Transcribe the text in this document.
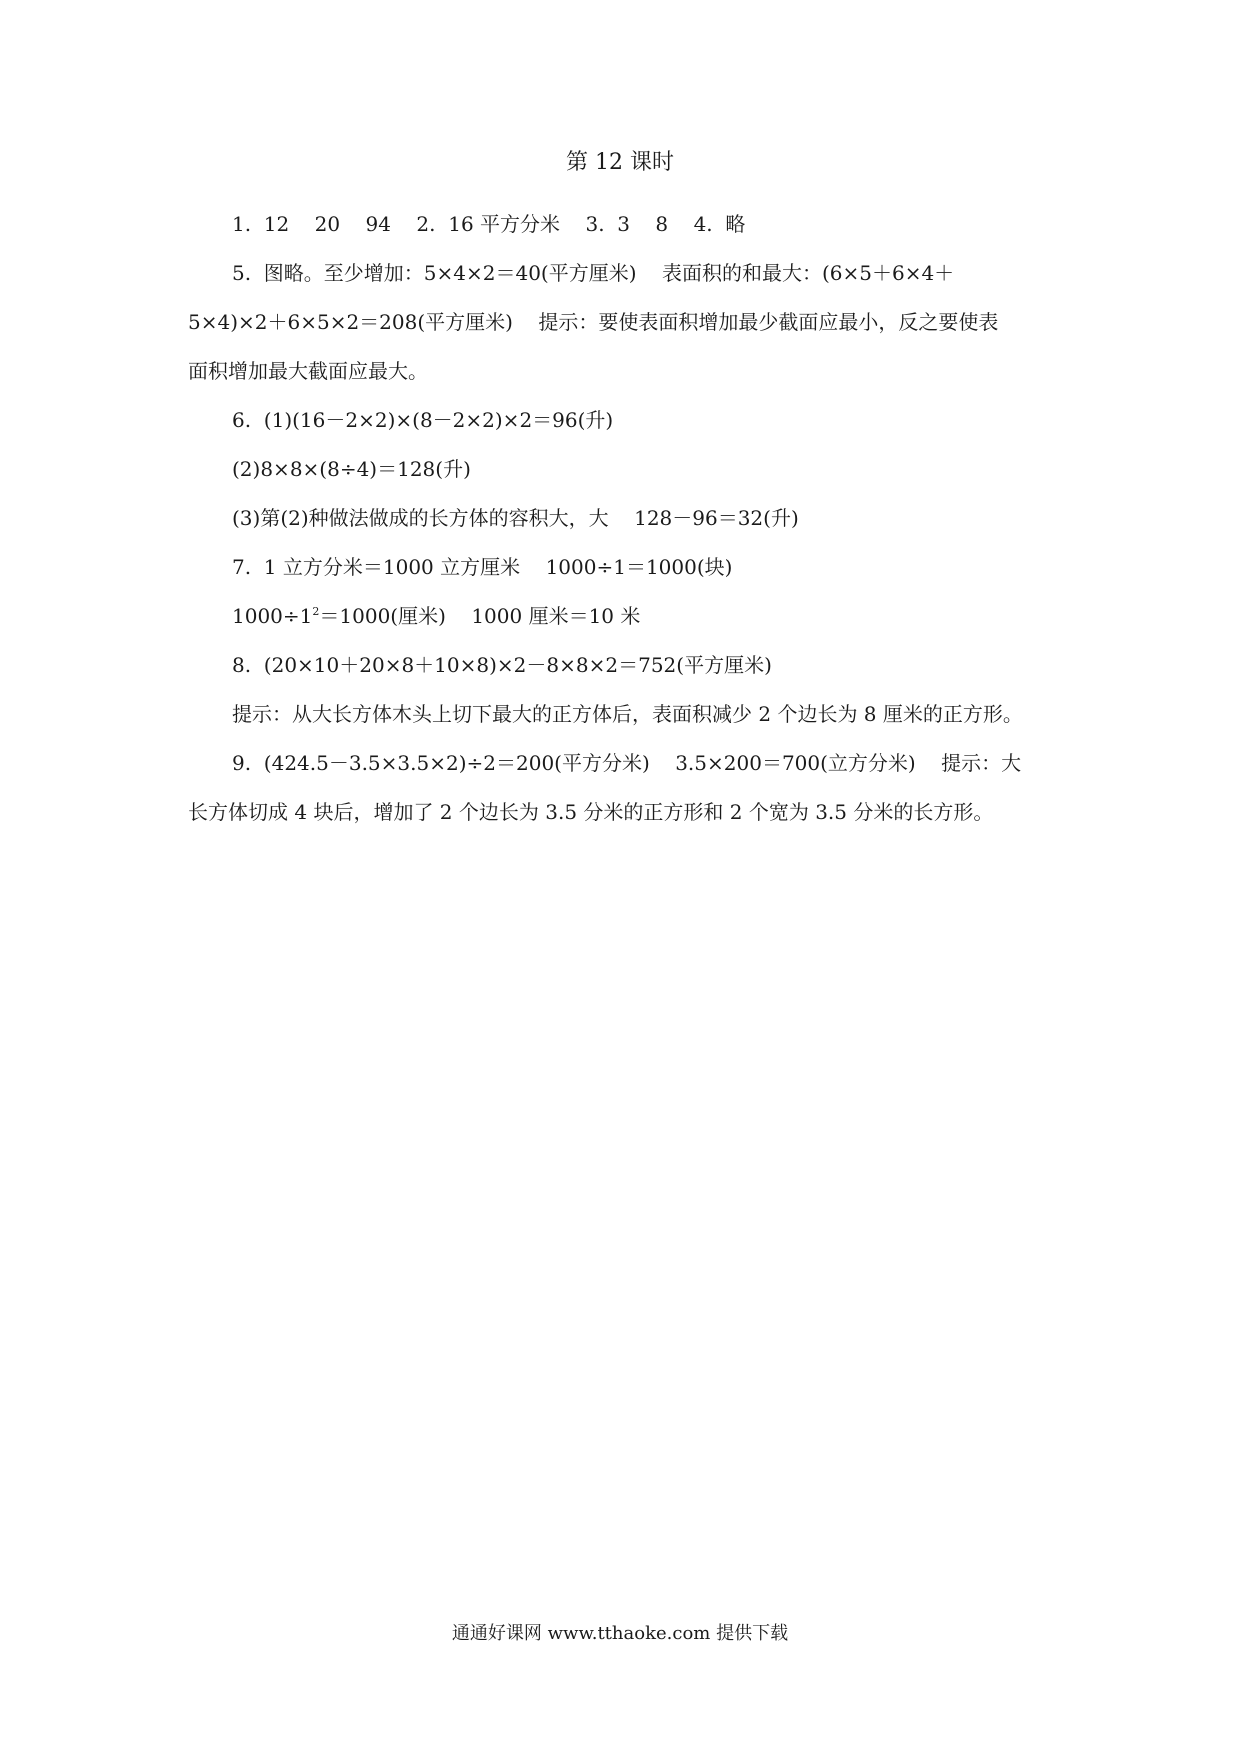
第 12 课时
1.  12    20    94    2.  16 平方分米    3.  3    8    4.  略
5.  图略。至少增加：5×4×2＝40(平方厘米)    表面积的和最大：(6×5＋6×4＋
5×4)×2＋6×5×2＝208(平方厘米)    提示：要使表面积增加最少截面应最小，反之要使表
面积增加最大截面应最大。
6.  (1)(16－2×2)×(8－2×2)×2＝96(升)
(2)8×8×(8÷4)＝128(升)
(3)第(2)种做法做成的长方体的容积大，大    128－96＝32(升)
7.  1 立方分米＝1000 立方厘米    1000÷1＝1000(块)
$1000\div 1^2=1000$(厘米)    1000 厘米＝10 米
8.  (20×10＋20×8＋10×8)×2－8×8×2＝752(平方厘米)
提示：从大长方体木头上切下最大的正方体后，表面积减少 2 个边长为 8 厘米的正方形。
9.  (424.5－3.5×3.5×2)÷2＝200(平方分米)    3.5×200＝700(立方分米)    提示：大
长方体切成 4 块后，增加了 2 个边长为 3.5 分米的正方形和 2 个宽为 3.5 分米的长方形。
通通好课网 www.tthaoke.com 提供下载
